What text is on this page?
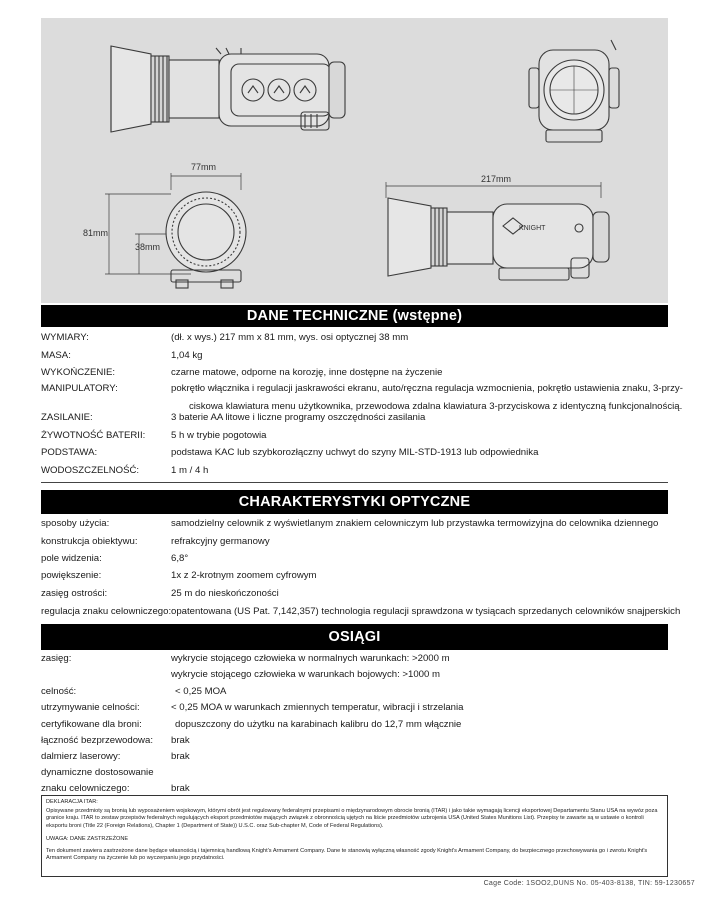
77mm
81mm
38mm
217mm
KNIGHT
DANE TECHNICZNE (wstępne)
WYMIARY:	(dł. x wys.) 217 mm x 81 mm, wys. osi optycznej 38 mm
MASA:	1,04 kg
WYKOŃCZENIE:	czarne matowe, odporne na korozję, inne dostępne na życzenie
MANIPULATORY:	pokrętło włącznika i regulacji jaskrawości ekranu, auto/ręczna regulacja wzmocnienia, pokrętło ustawienia znaku, 3-przy-
ciskowa klawiatura menu użytkownika, przewodowa zdalna klawiatura 3-przyciskowa z identyczną funkcjonalnością.
ZASILANIE:	3 baterie AA litowe i liczne programy oszczędności zasilania
ŻYWOTNOŚĆ BATERII:	5 h w trybie pogotowia
PODSTAWA:	podstawa KAC lub szybkorozłączny uchwyt do szyny MIL-STD-1913 lub odpowiednika
WODOSZCZELNOŚĆ:	1 m / 4 h
CHARAKTERYSTYKI OPTYCZNE
sposoby użycia:	samodzielny celownik z wyświetlanym znakiem celowniczym lub przystawka termowizyjna do celownika dziennego
konstrukcja obiektywu:	refrakcyjny germanowy
pole widzenia:	6,8°
powiększenie:	1x z 2-krotnym zoomem cyfrowym
zasięg ostrości:	25 m do nieskończoności
regulacja znaku celowniczego: opatentowana (US Pat. 7,142,357) technologia regulacji sprawdzona w tysiącach sprzedanych celowników snajperskich
OSIĄGI
zasięg:	wykrycie stojącego człowieka w normalnych warunkach: >2000 m
wykrycie stojącego człowieka w warunkach bojowych: >1000 m
celność:	< 0,25 MOA
utrzymywanie celności:	< 0,25 MOA w warunkach zmiennych temperatur, wibracji i strzelania
certyfikowane dla broni:	dopuszczony do użytku na karabinach kalibru do 12,7 mm włącznie
łączność bezprzewodowa: brak
dalmierz laserowy:	brak
dynamiczne dostosowanie
znaku celowniczego:	brak

DEKLARACJA ITAR:

Opisywane przedmioty są bronią lub wyposażeniem wojskowym, którymi obrót jest regulowany federalnymi przepisami o międzynarodowym obrocie bronią (ITAR) i jako takie wymagają licencji eksportowej Departamentu Stanu USA na wywóz poza granice kraju. ITAR to zestaw przepisów federalnych regulujących eksport przedmiotów mających związek z obronnością ujętych na liście przedmiotów uzbrojenia USA (United States Munitions List). Przepisy te zawarte są w ustawie o kontroli eksportu broni (Title 22 (Foreign Relations), Chapter 1 (Department of State)) U.S.C. oraz Sub-chapter M, Code of Federal Regulations).

UWAGA: DANE ZASTRZEŻONE

Ten dokument zawiera zastrzeżone dane będące własnością i tajemnicą handlową Knight's Armament Company. Dane te stanowią wyłączną własność zgody Knight's Armament Company, do bezpiecznego przechowywania go i zwrotu Knight's Armament Company na życzenie lub po wyczerpaniu jego przydatności.

Cage Code: 1SOO2,DUNS No. 05-403-8138, TIN: 59-1230657
